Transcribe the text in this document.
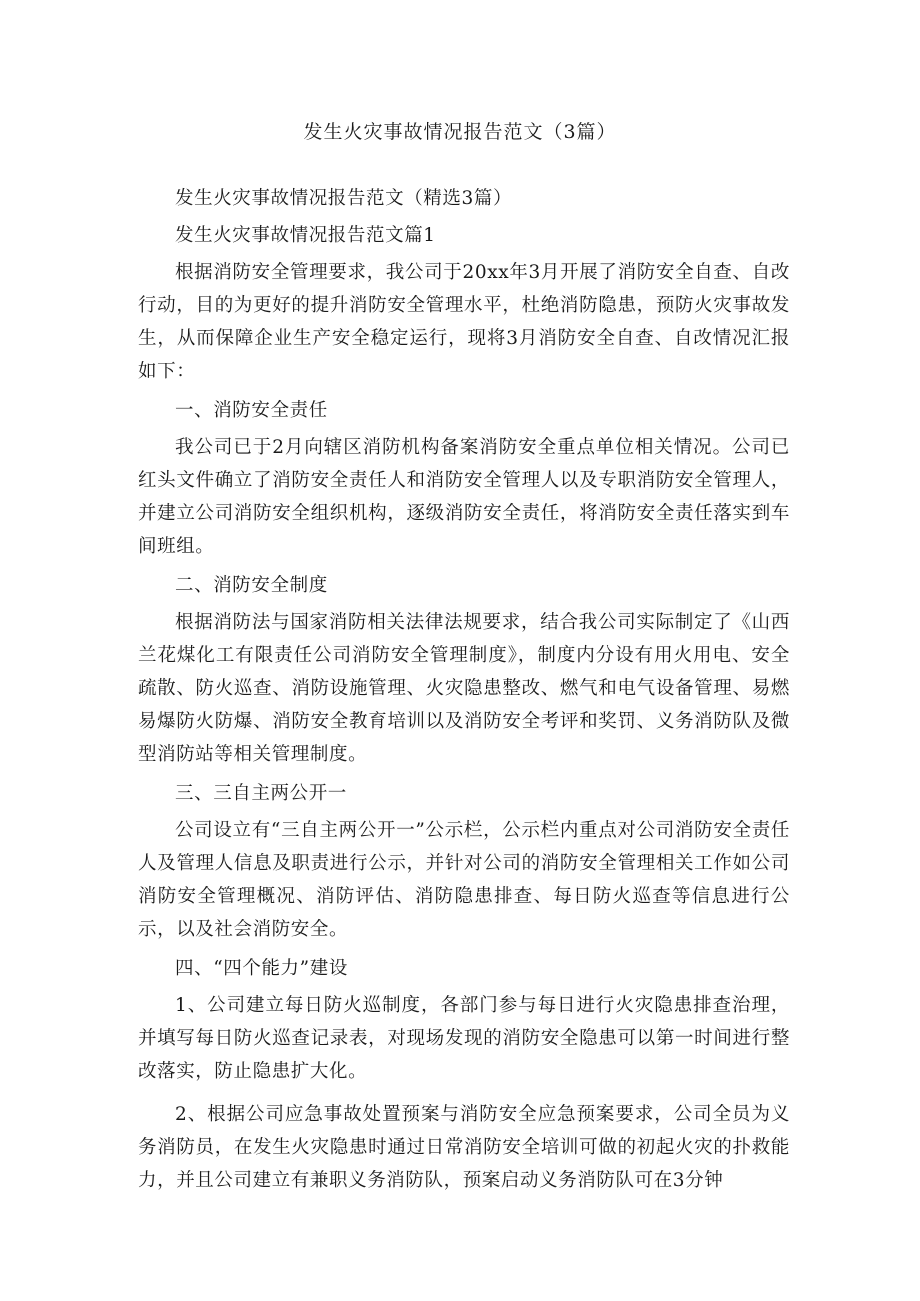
发生火灾事故情况报告范文（3篇）

发生火灾事故情况报告范文（精选3篇）

发生火灾事故情况报告范文篇1

根据消防安全管理要求，我公司于20xx年3月开展了消防安全自查、自改行动，目的为更好的提升消防安全管理水平，杜绝消防隐患，预防火灾事故发生，从而保障企业生产安全稳定运行，现将3月消防安全自查、自改情况汇报如下：

一、消防安全责任

我公司已于2月向辖区消防机构备案消防安全重点单位相关情况。公司已红头文件确立了消防安全责任人和消防安全管理人以及专职消防安全管理人，并建立公司消防安全组织机构，逐级消防安全责任，将消防安全责任落实到车间班组。

二、消防安全制度

根据消防法与国家消防相关法律法规要求，结合我公司实际制定了《山西兰花煤化工有限责任公司消防安全管理制度》，制度内分设有用火用电、安全疏散、防火巡查、消防设施管理、火灾隐患整改、燃气和电气设备管理、易燃易爆防火防爆、消防安全教育培训以及消防安全考评和奖罚、义务消防队及微型消防站等相关管理制度。

三、三自主两公开一

公司设立有“三自主两公开一”公示栏，公示栏内重点对公司消防安全责任人及管理人信息及职责进行公示，并针对公司的消防安全管理相关工作如公司消防安全管理概况、消防评估、消防隐患排查、每日防火巡查等信息进行公示，以及社会消防安全。

四、“四个能力”建设

1、公司建立每日防火巡制度，各部门参与每日进行火灾隐患排查治理，并填写每日防火巡查记录表，对现场发现的消防安全隐患可以第一时间进行整改落实，防止隐患扩大化。

2、根据公司应急事故处置预案与消防安全应急预案要求，公司全员为义务消防员，在发生火灾隐患时通过日常消防安全培训可做的初起火灾的扑救能力，并且公司建立有兼职义务消防队，预案启动义务消防队可在3分钟
